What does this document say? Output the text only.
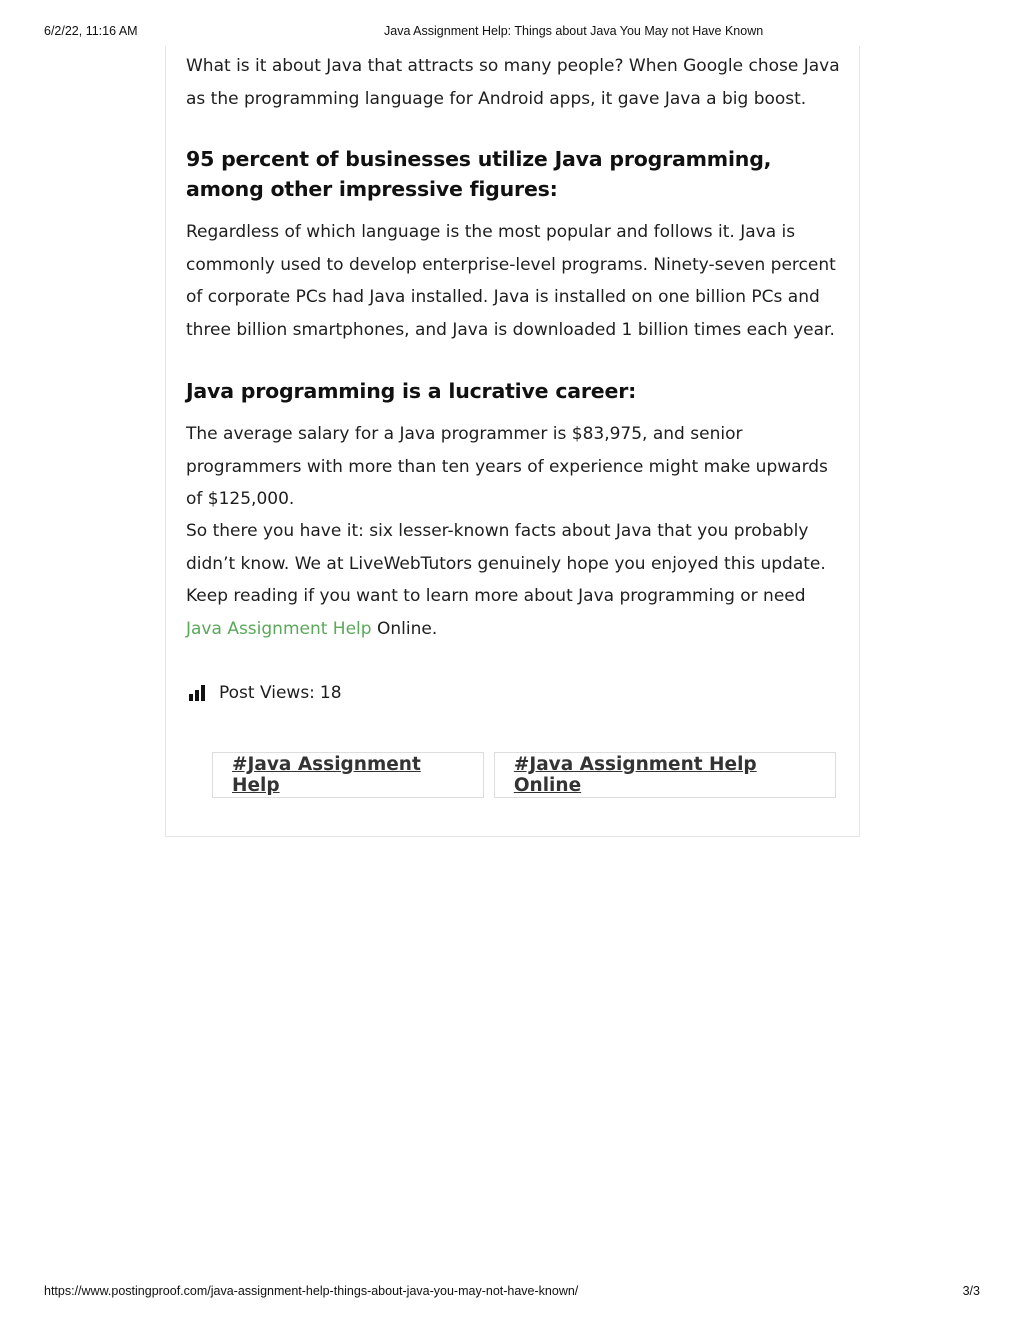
6/2/22, 11:16 AM	Java Assignment Help: Things about Java You May not Have Known

What is it about Java that attracts so many people? When Google chose Java as the programming language for Android apps, it gave Java a big boost.

95 percent of businesses utilize Java programming, among other impressive figures:

Regardless of which language is the most popular and follows it. Java is commonly used to develop enterprise-level programs. Ninety-seven percent of corporate PCs had Java installed. Java is installed on one billion PCs and three billion smartphones, and Java is downloaded 1 billion times each year.

Java programming is a lucrative career:

The average salary for a Java programmer is $83,975, and senior programmers with more than ten years of experience might make upwards of $125,000.

So there you have it: six lesser-known facts about Java that you probably didn’t know. We at LiveWebTutors genuinely hope you enjoyed this update. Keep reading if you want to learn more about Java programming or need Java Assignment Help Online.

Post Views: 18
#Java Assignment Help
#Java Assignment Help Online
https://www.postingproof.com/java-assignment-help-things-about-java-you-may-not-have-known/	3/3
